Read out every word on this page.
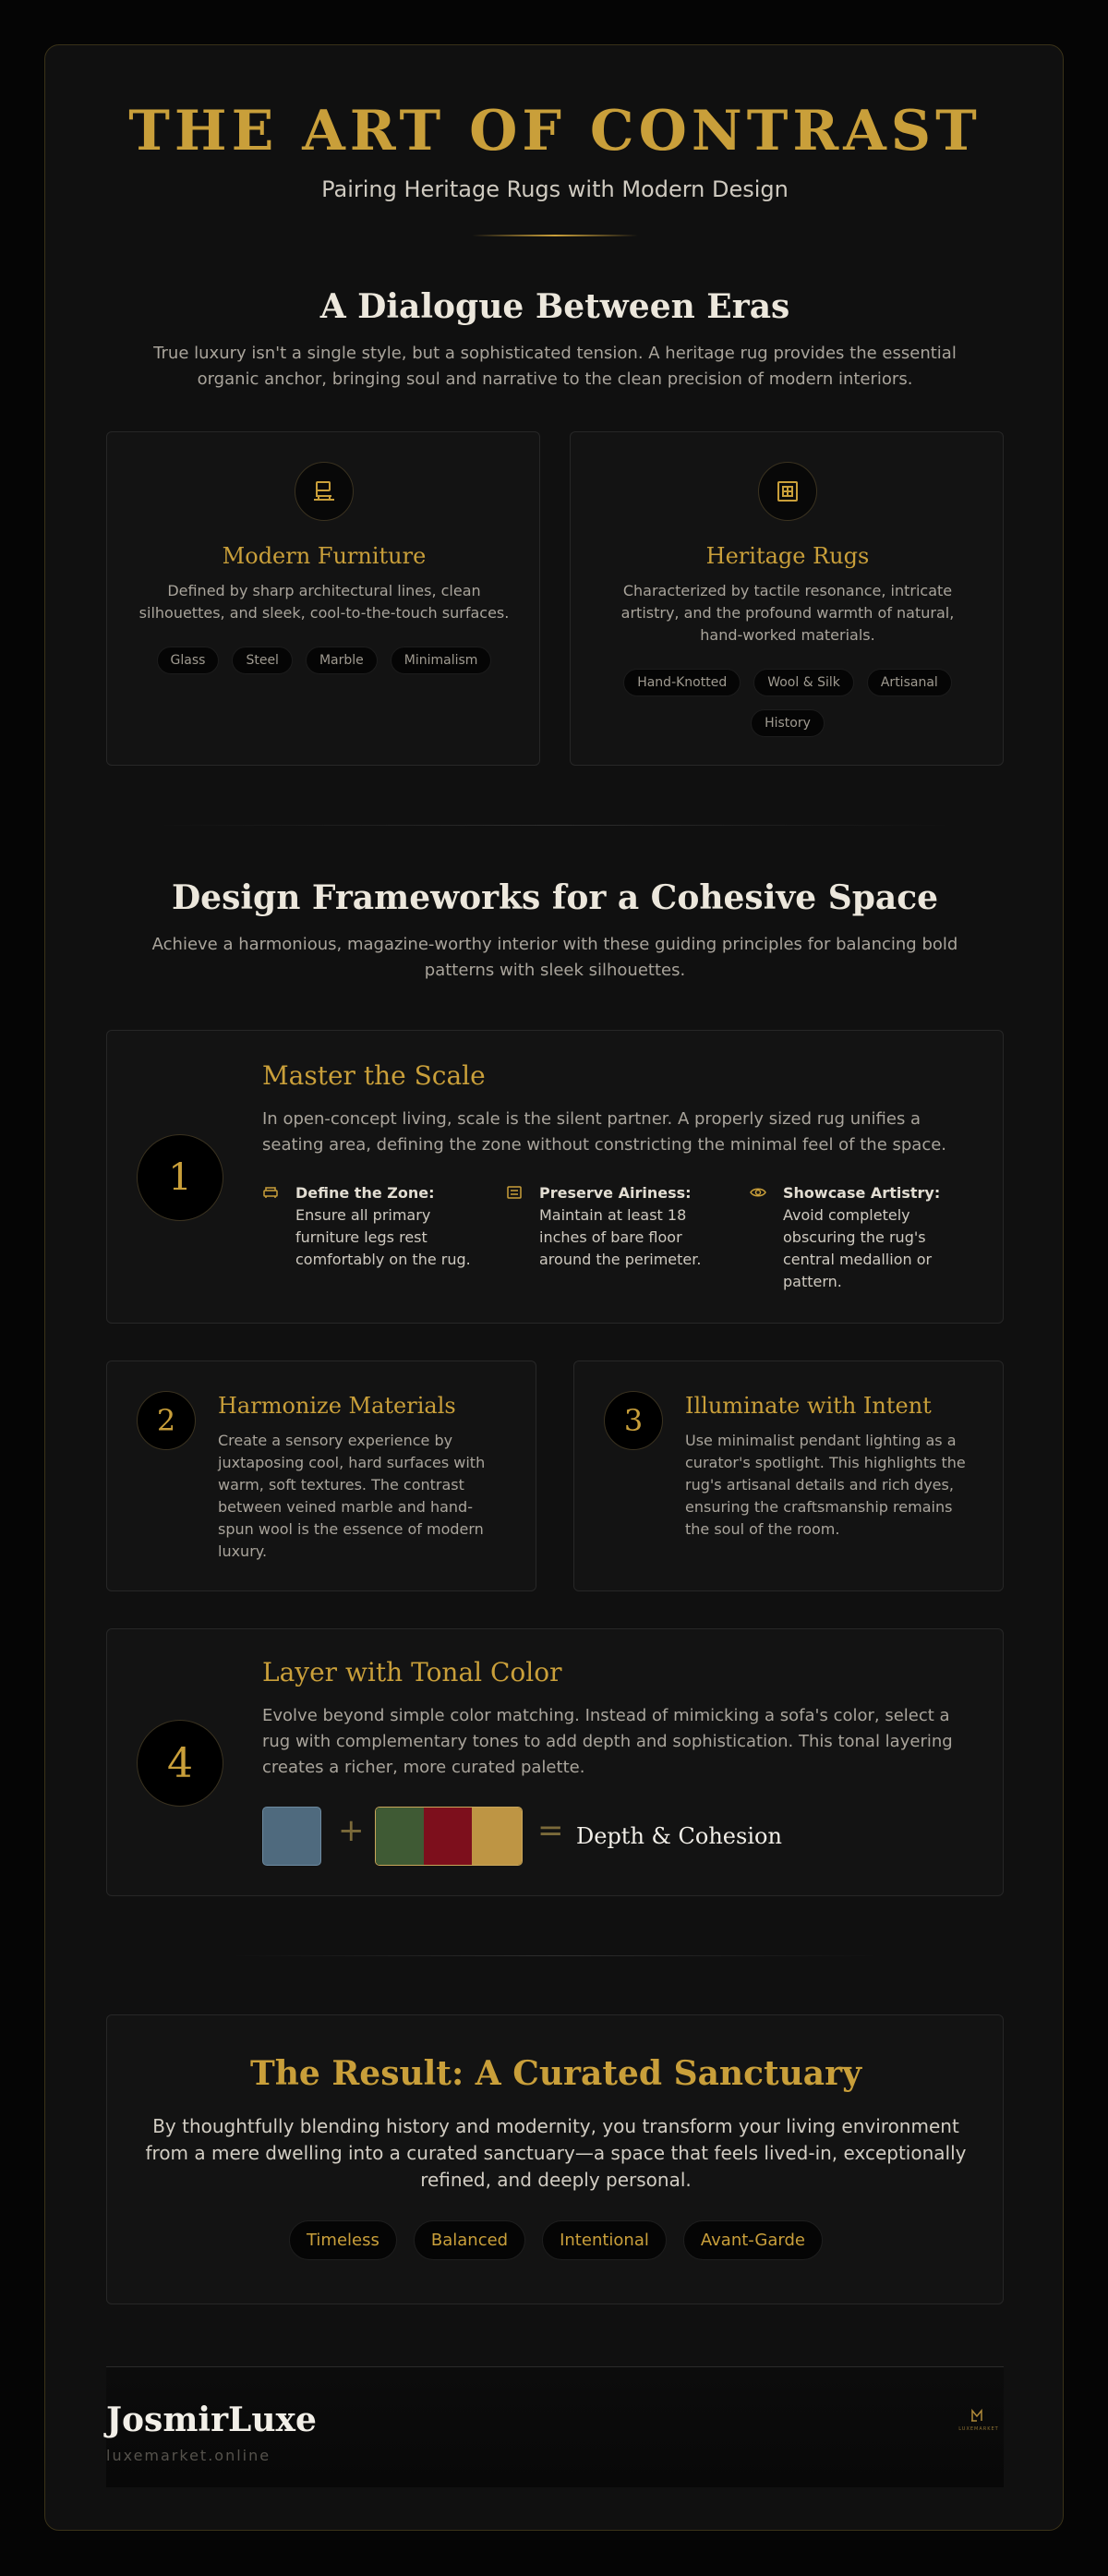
THE ART OF CONTRAST
Pairing Heritage Rugs with Modern Design
A Dialogue Between Eras
True luxury isn't a single style, but a sophisticated tension. A heritage rug provides the essential organic anchor, bringing soul and narrative to the clean precision of modern interiors.
Modern Furniture
Defined by sharp architectural lines, clean silhouettes, and sleek, cool-to-the-touch surfaces.
Glass	Steel	Marble	Minimalism
Heritage Rugs
Characterized by tactile resonance, intricate artistry, and the profound warmth of natural, hand-worked materials.
Hand-Knotted	Wool & Silk	Artisanal
History
Design Frameworks for a Cohesive Space
Achieve a harmonious, magazine-worthy interior with these guiding principles for balancing bold patterns with sleek silhouettes.
1
Master the Scale
In open-concept living, scale is the silent partner. A properly sized rug unifies a seating area, defining the zone without constricting the minimal feel of the space.
Define the Zone:
Ensure all primary furniture legs rest comfortably on the rug.
Preserve Airiness:
Maintain at least 18 inches of bare floor around the perimeter.
Showcase Artistry:
Avoid completely obscuring the rug's central medallion or pattern.
2	Harmonize Materials
Create a sensory experience by juxtaposing cool, hard surfaces with warm, soft textures. The contrast between veined marble and hand-spun wool is the essence of modern luxury.
3	Illuminate with Intent
Use minimalist pendant lighting as a curator's spotlight. This highlights the rug's artisanal details and rich dyes, ensuring the craftsmanship remains the soul of the room.
4
Layer with Tonal Color
Evolve beyond simple color matching. Instead of mimicking a sofa's color, select a rug with complementary tones to add depth and sophistication. This tonal layering creates a richer, more curated palette.
+	= Depth & Cohesion
The Result: A Curated Sanctuary
By thoughtfully blending history and modernity, you transform your living environment from a mere dwelling into a curated sanctuary—a space that feels lived-in, exceptionally refined, and deeply personal.
Timeless	Balanced	Intentional	Avant-Garde
JosmirLuxe
luxemarket.online
LUXEMARKET
